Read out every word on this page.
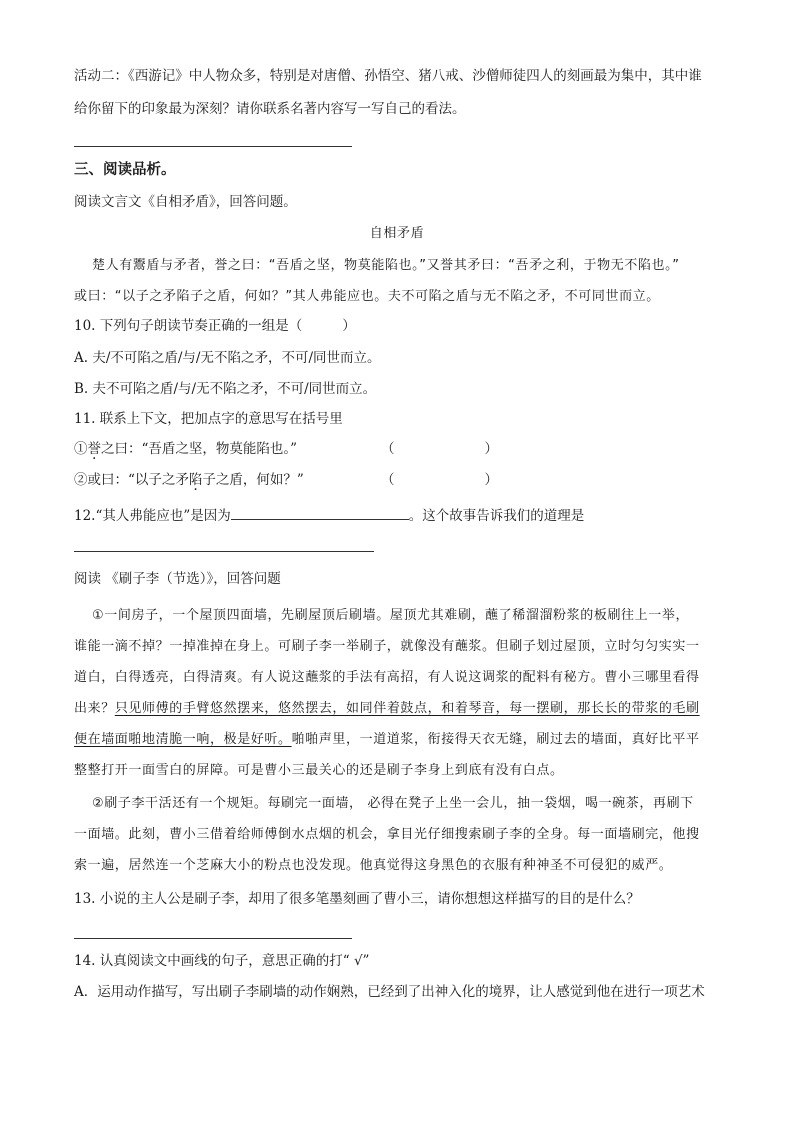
活动二：《西游记》中人物众多，特别是对唐僧、孙悟空、猪八戒、沙僧师徒四人的刻画最为集中，其中谁
给你留下的印象最为深刻？请你联系名著内容写一写自己的看法。
三、阅读品析。
阅读文言文《自相矛盾》，回答问题。
自相矛盾
楚人有鬻盾与矛者，誉之曰：“吾盾之坚，物莫能陷也。”又誉其矛曰：“吾矛之利，于物无不陷也。”
或曰：“以子之矛陷子之盾，何如？”其人弗能应也。夫不可陷之盾与无不陷之矛，不可同世而立。
10. 下列句子朗读节奏正确的一组是（	）
A. 夫/不可陷之盾/与/无不陷之矛，不可/同世而立。
B. 夫不可陷之盾/与/无不陷之矛，不可/同世而立。
11. 联系上下文，把加点字的意思写在括号里
①誉之曰：“吾盾之坚，物莫能陷也。”	（	）
②或曰：“以子之矛陷子之盾，何如？”	（	）
12.“其人弗能应也”是因为	。这个故事告诉我们的道理是
阅读 《刷子李（节选）》，回答问题
①一间房子，一个屋顶四面墙，先刷屋顶后刷墙。屋顶尤其难刷，蘸了稀溜溜粉浆的板刷往上一举，
谁能一滴不掉？一掉准掉在身上。可刷子李一举刷子，就像没有蘸浆。但刷子划过屋顶，立时匀匀实实一
道白，白得透亮，白得清爽。有人说这蘸浆的手法有高招，有人说这调浆的配料有秘方。曹小三哪里看得
出来？只见师傅的手臂悠然摆来，悠然摆去，如同伴着鼓点，和着琴音，每一摆刷，那长长的带浆的毛刷
便在墙面啪地清脆一响，极是好听。啪啪声里，一道道浆，衔接得天衣无缝，刷过去的墙面，真好比平平
整整打开一面雪白的屏障。可是曹小三最关心的还是刷子李身上到底有没有白点。
②刷子李干活还有一个规矩。每刷完一面墙， 必得在凳子上坐一会儿，抽一袋烟，喝一碗茶，再刷下
一面墙。此刻，曹小三借着给师傅倒水点烟的机会，拿目光仔细搜索刷子李的全身。每一面墙刷完，他搜
索一遍，居然连一个芝麻大小的粉点也没发现。他真觉得这身黑色的衣服有种神圣不可侵犯的威严。
13. 小说的主人公是刷子李，却用了很多笔墨刻画了曹小三，请你想想这样描写的目的是什么？
14. 认真阅读文中画线的句子，意思正确的打“ √”
A．运用动作描写，写出刷子李刷墙的动作娴熟，已经到了出神入化的境界，让人感觉到他在进行一项艺术
